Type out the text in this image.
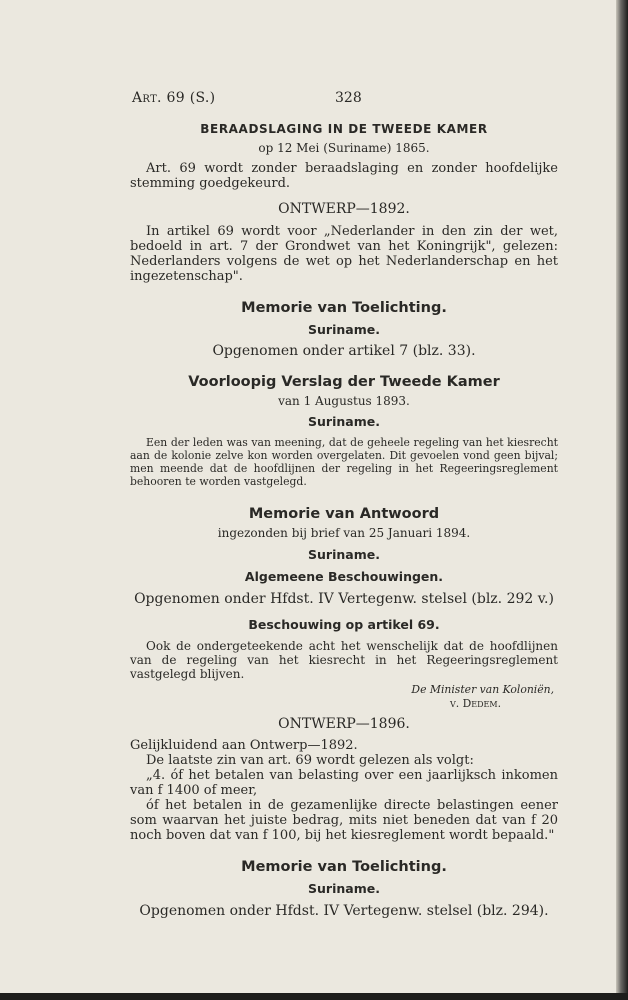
Art. 69 (S.)	328
BERAADSLAGING IN DE TWEEDE KAMER

op 12 Mei (Suriname) 1865.

Art. 69 wordt zonder beraadslaging en zonder hoofdelijke stemming goedgekeurd.

ONTWERP—1892.

In artikel 69 wordt voor „Nederlander in den zin der wet, bedoeld in art. 7 der Grondwet van het Koningrijk", gelezen: Nederlanders volgens de wet op het Nederlanderschap en het ingezetenschap".

Memorie van Toelichting.
Suriname.

Opgenomen onder artikel 7 (blz. 33).

Voorloopig Verslag der Tweede Kamer

van 1 Augustus 1893.

Suriname.

Een der leden was van meening, dat de geheele regeling van het kiesrecht aan de kolonie zelve kon worden overgelaten. Dit gevoelen vond geen bijval; men meende dat de hoofdlijnen der regeling in het Regeeringsreglement behooren te worden vastgelegd.

Memorie van Antwoord

ingezonden bij brief van 25 Januari 1894.

Suriname.
Algemeene Beschouwingen.

Opgenomen onder Hfdst. IV Vertegenw. stelsel (blz. 292 v.)

Beschouwing op artikel 69.

Ook de ondergeteekende acht het wenschelijk dat de hoofdlijnen van de regeling van het kiesrecht in het Regeeringsreglement vastgelegd blijven.

De Minister van Koloniën,

v. Dedem.

ONTWERP—1896.

Gelijkluidend aan Ontwerp—1892.

De laatste zin van art. 69 wordt gelezen als volgt:

„4. óf het betalen van belasting over een jaarlijksch inkomen van f 1400 of meer,

óf het betalen in de gezamenlijke directe belastingen eener som waarvan het juiste bedrag, mits niet beneden dat van f 20 noch boven dat van f 100, bij het kiesreglement wordt bepaald."

Memorie van Toelichting.
Suriname.

Opgenomen onder Hfdst. IV Vertegenw. stelsel (blz. 294).
